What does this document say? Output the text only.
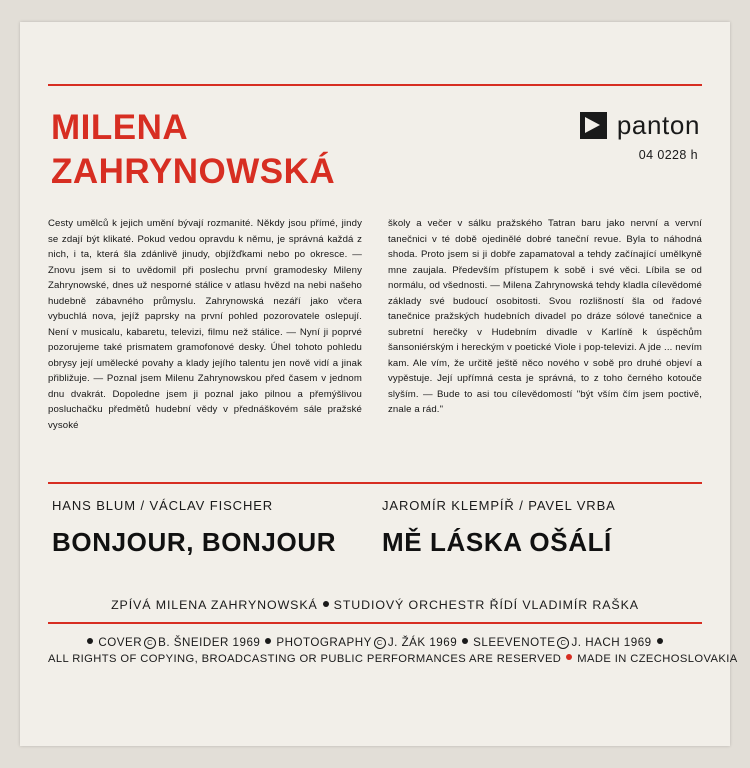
MILENA
ZAHRYNOWSKÁ
panton
04 0228 h

Cesty umělců k jejich umění bývají rozmanité. Někdy jsou přímé, jindy se zdají být klikaté. Pokud vedou opravdu k němu, je správná každá z nich, i ta, která šla zdánlivě jinudy, objížďkami nebo po okresce. — Znovu jsem si to uvědomil při poslechu první gramodesky Mileny Zahrynowské, dnes už nesporné stálice v atlasu hvězd na nebi našeho hudebně zábavného průmyslu. Zahrynowská nezáří jako včera vybuchlá nova, jejíž paprsky na první pohled pozorovatele oslepují. Není v musicalu, kabaretu, televizi, filmu než stálice. — Nyní ji poprvé pozorujeme také prismatem gramofonové desky. Úhel tohoto pohledu obrysy její umělecké povahy a klady jejího talentu jen nově vidí a jinak přibližuje. — Poznal jsem Milenu Zahrynowskou před časem v jednom dnu dvakrát. Dopoledne jsem ji poznal jako pilnou a přemýšlivou posluchačku předmětů hudební vědy v přednáškovém sále pražské vysoké

školy a večer v sálku pražského Tatran baru jako nervní a vervní tanečnici v té době ojedinělé dobré taneční revue. Byla to náhodná shoda. Proto jsem si ji dobře zapamatoval a tehdy začínající umělkyně mne zaujala. Především přístupem k sobě i své věci. Líbila se od normálu, od všednosti. — Milena Zahrynowská tehdy kladla cílevědomé základy své budoucí osobitosti. Svou rozlišností šla od řadové tanečnice pražských hudebních divadel po dráze sólové tanečnice a subretní herečky v Hudebním divadle v Karlíně k úspěchům šansoniérským i hereckým v poetické Viole i pop-televizi. A jde ... nevím kam. Ale vím, že určitě ještě něco nového v sobě pro druhé objeví a vypěstuje. Její upřímná cesta je správná, to z toho černého kotouče slyším. — Bude to asi tou cílevědomostí "být vším čím jsem poctivě, znale a rád."

HANS BLUM / VÁCLAV FISCHER
BONJOUR, BONJOUR
JAROMÍR KLEMPÍŘ / PAVEL VRBA
MĚ LÁSKA OŠÁLÍ
ZPÍVÁ MILENA ZAHRYNOWSKÁ STUDIOVÝ ORCHESTR ŘÍDÍ VLADIMÍR RAŠKA
COVER C B. ŠNEIDER 1969 PHOTOGRAPHY C J. ŽÁK 1969 SLEEVENOTE C J. HACH 1969
ALL RIGHTS OF COPYING, BROADCASTING OR PUBLIC PERFORMANCES ARE RESERVED MADE IN CZECHOSLOVAKIA
